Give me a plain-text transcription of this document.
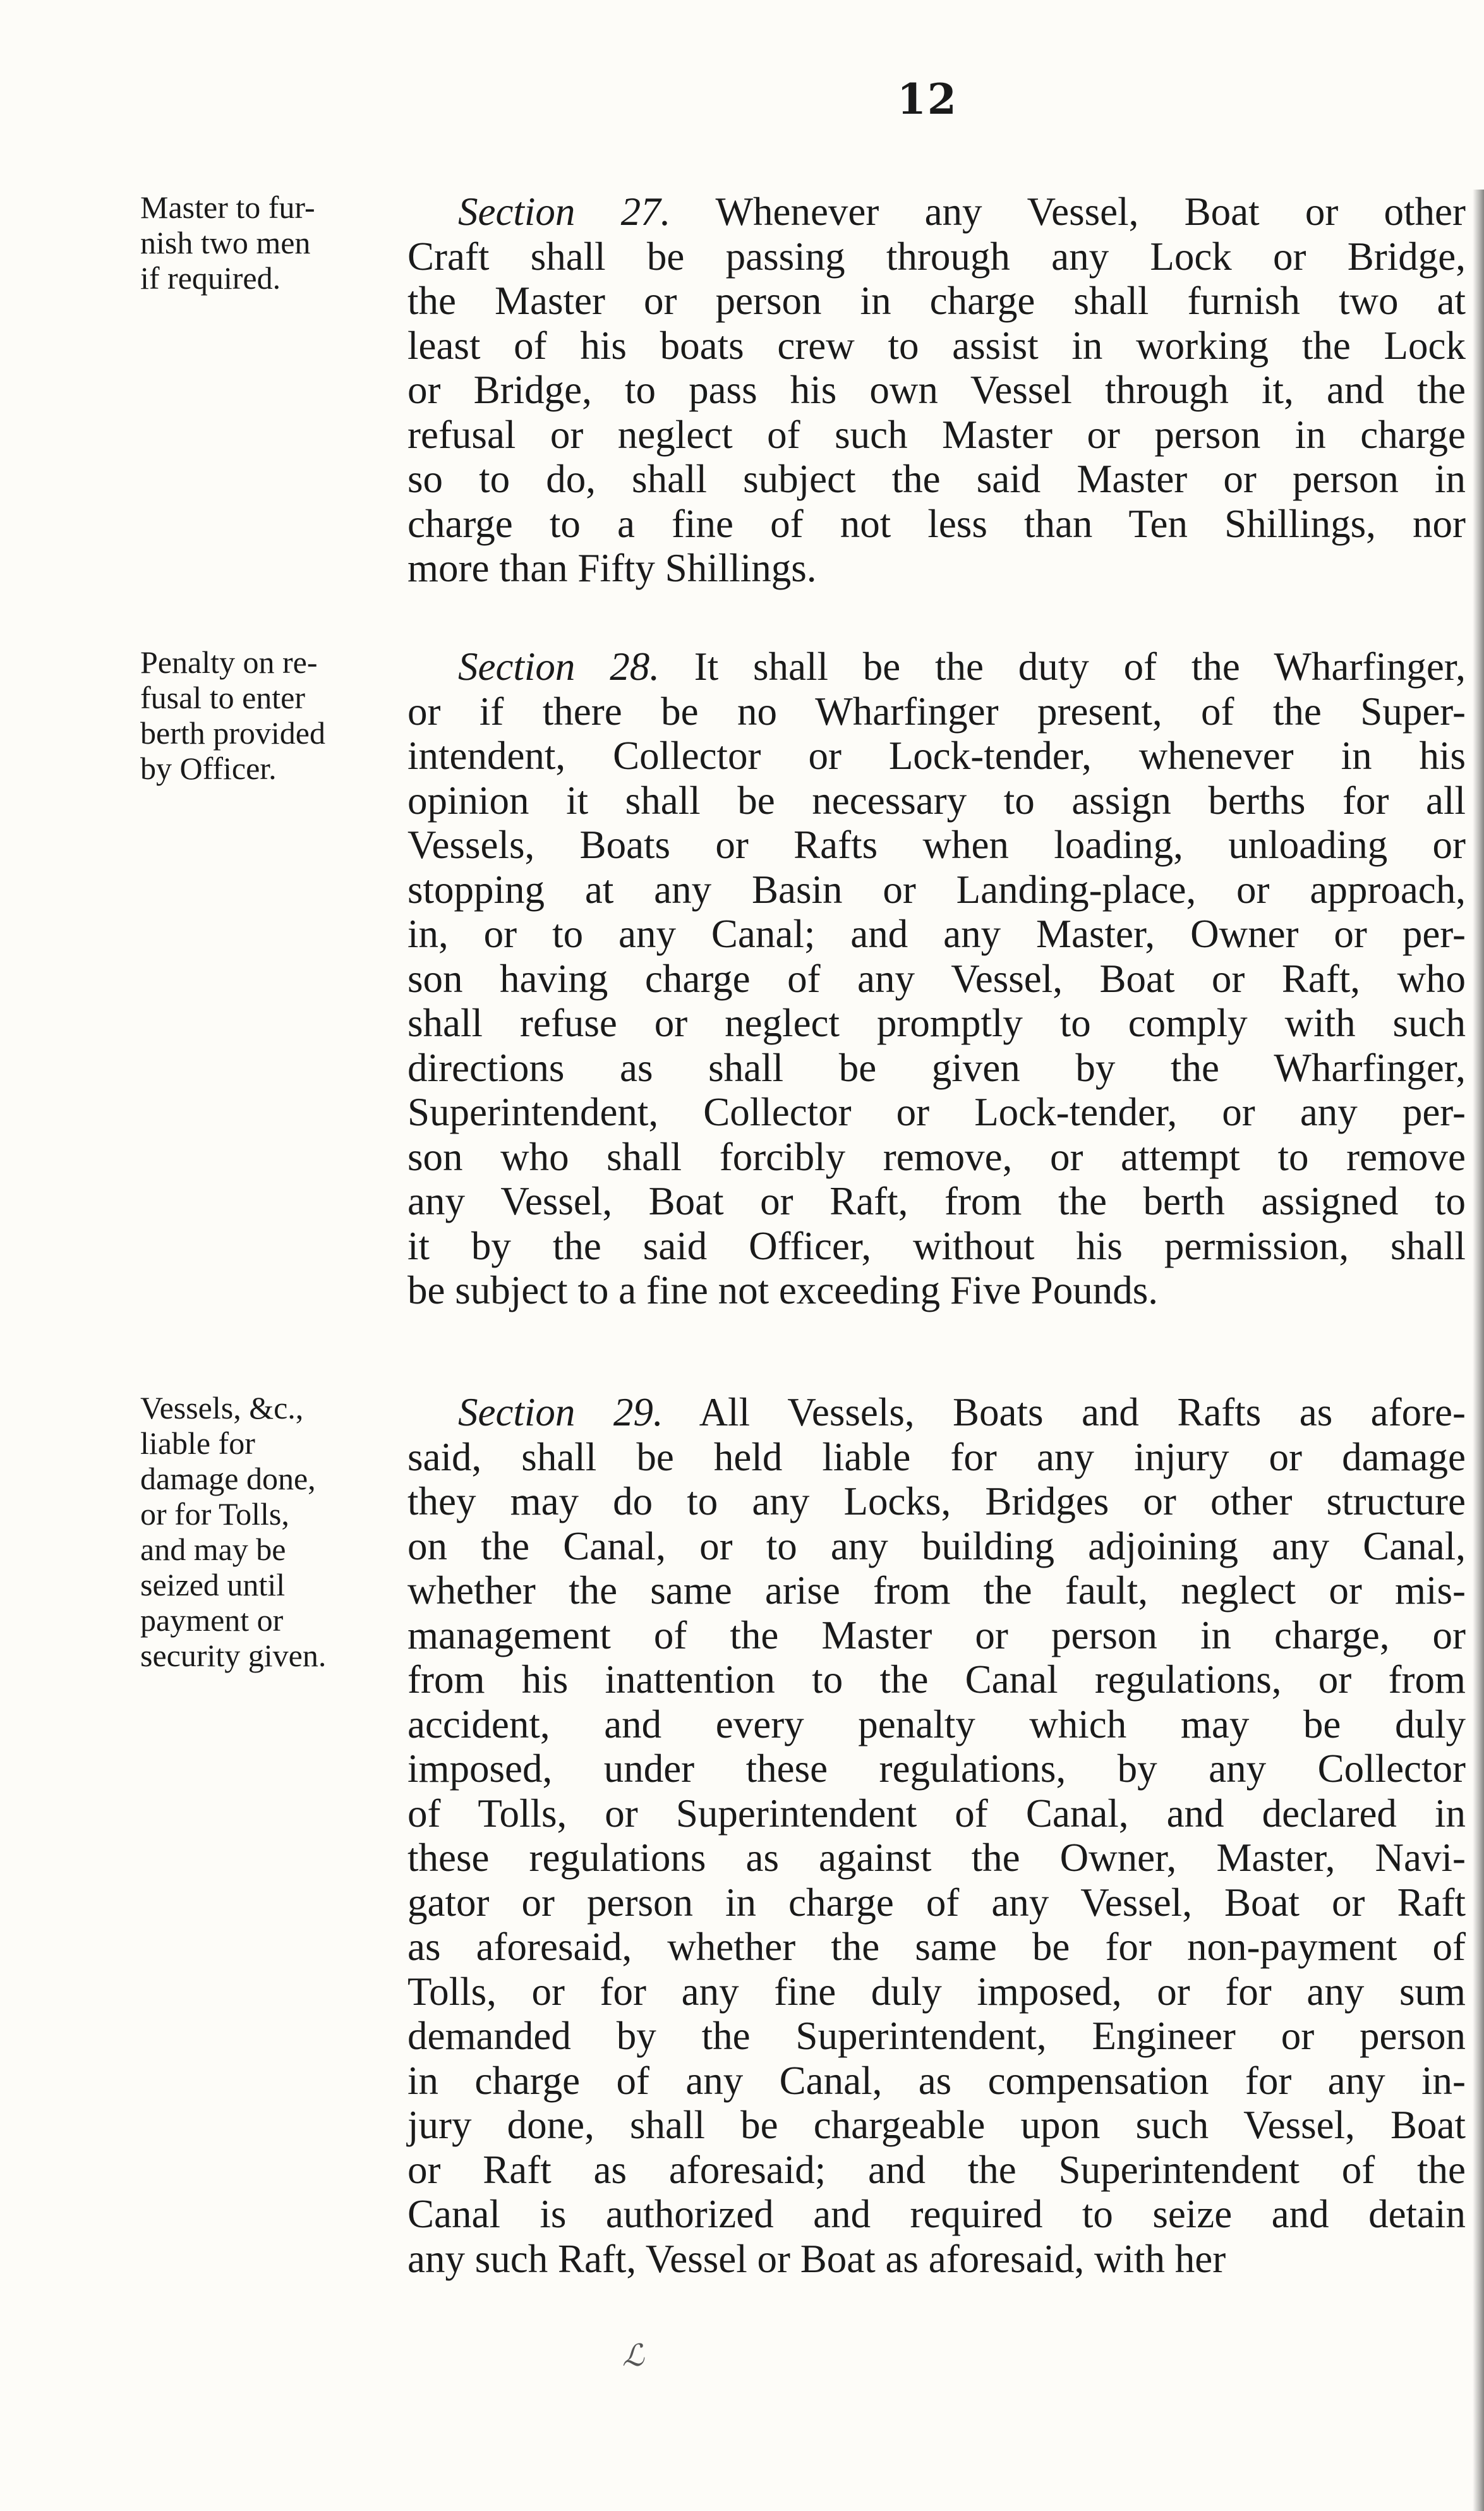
12
Master to fur-
nish two men
if required.
Section 27. Whenever any Vessel, Boat or other
Craft shall be passing through any Lock or Bridge,
the Master or person in charge shall furnish two at
least of his boats crew to assist in working the Lock
or Bridge, to pass his own Vessel through it, and the
refusal or neglect of such Master or person in charge
so to do, shall subject the said Master or person in
charge to a fine of not less than Ten Shillings, nor
more than Fifty Shillings.
Penalty on re-
fusal to enter
berth provided
by Officer.
Section 28. It shall be the duty of the Wharfinger,
or if there be no Wharfinger present, of the Super-
intendent, Collector or Lock-tender, whenever in his
opinion it shall be necessary to assign berths for all
Vessels, Boats or Rafts when loading, unloading or
stopping at any Basin or Landing-place, or approach,
in, or to any Canal; and any Master, Owner or per-
son having charge of any Vessel, Boat or Raft, who
shall refuse or neglect promptly to comply with such
directions as shall be given by the Wharfinger,
Superintendent, Collector or Lock-tender, or any per-
son who shall forcibly remove, or attempt to remove
any Vessel, Boat or Raft, from the berth assigned to
it by the said Officer, without his permission, shall
be subject to a fine not exceeding Five Pounds.
Vessels, &c.,
liable for
damage done,
or for Tolls,
and may be
seized until
payment or
security given.
Section 29. All Vessels, Boats and Rafts as afore-
said, shall be held liable for any injury or damage
they may do to any Locks, Bridges or other structure
on the Canal, or to any building adjoining any Canal,
whether the same arise from the fault, neglect or mis-
management of the Master or person in charge, or
from his inattention to the Canal regulations, or from
accident, and every penalty which may be duly
imposed, under these regulations, by any Collector
of Tolls, or Superintendent of Canal, and declared in
these regulations as against the Owner, Master, Navi-
gator or person in charge of any Vessel, Boat or Raft
as aforesaid, whether the same be for non-payment of
Tolls, or for any fine duly imposed, or for any sum
demanded by the Superintendent, Engineer or person
in charge of any Canal, as compensation for any in-
jury done, shall be chargeable upon such Vessel, Boat
or Raft as aforesaid; and the Superintendent of the
Canal is authorized and required to seize and detain
any such Raft, Vessel or Boat as aforesaid, with her
ℒ
